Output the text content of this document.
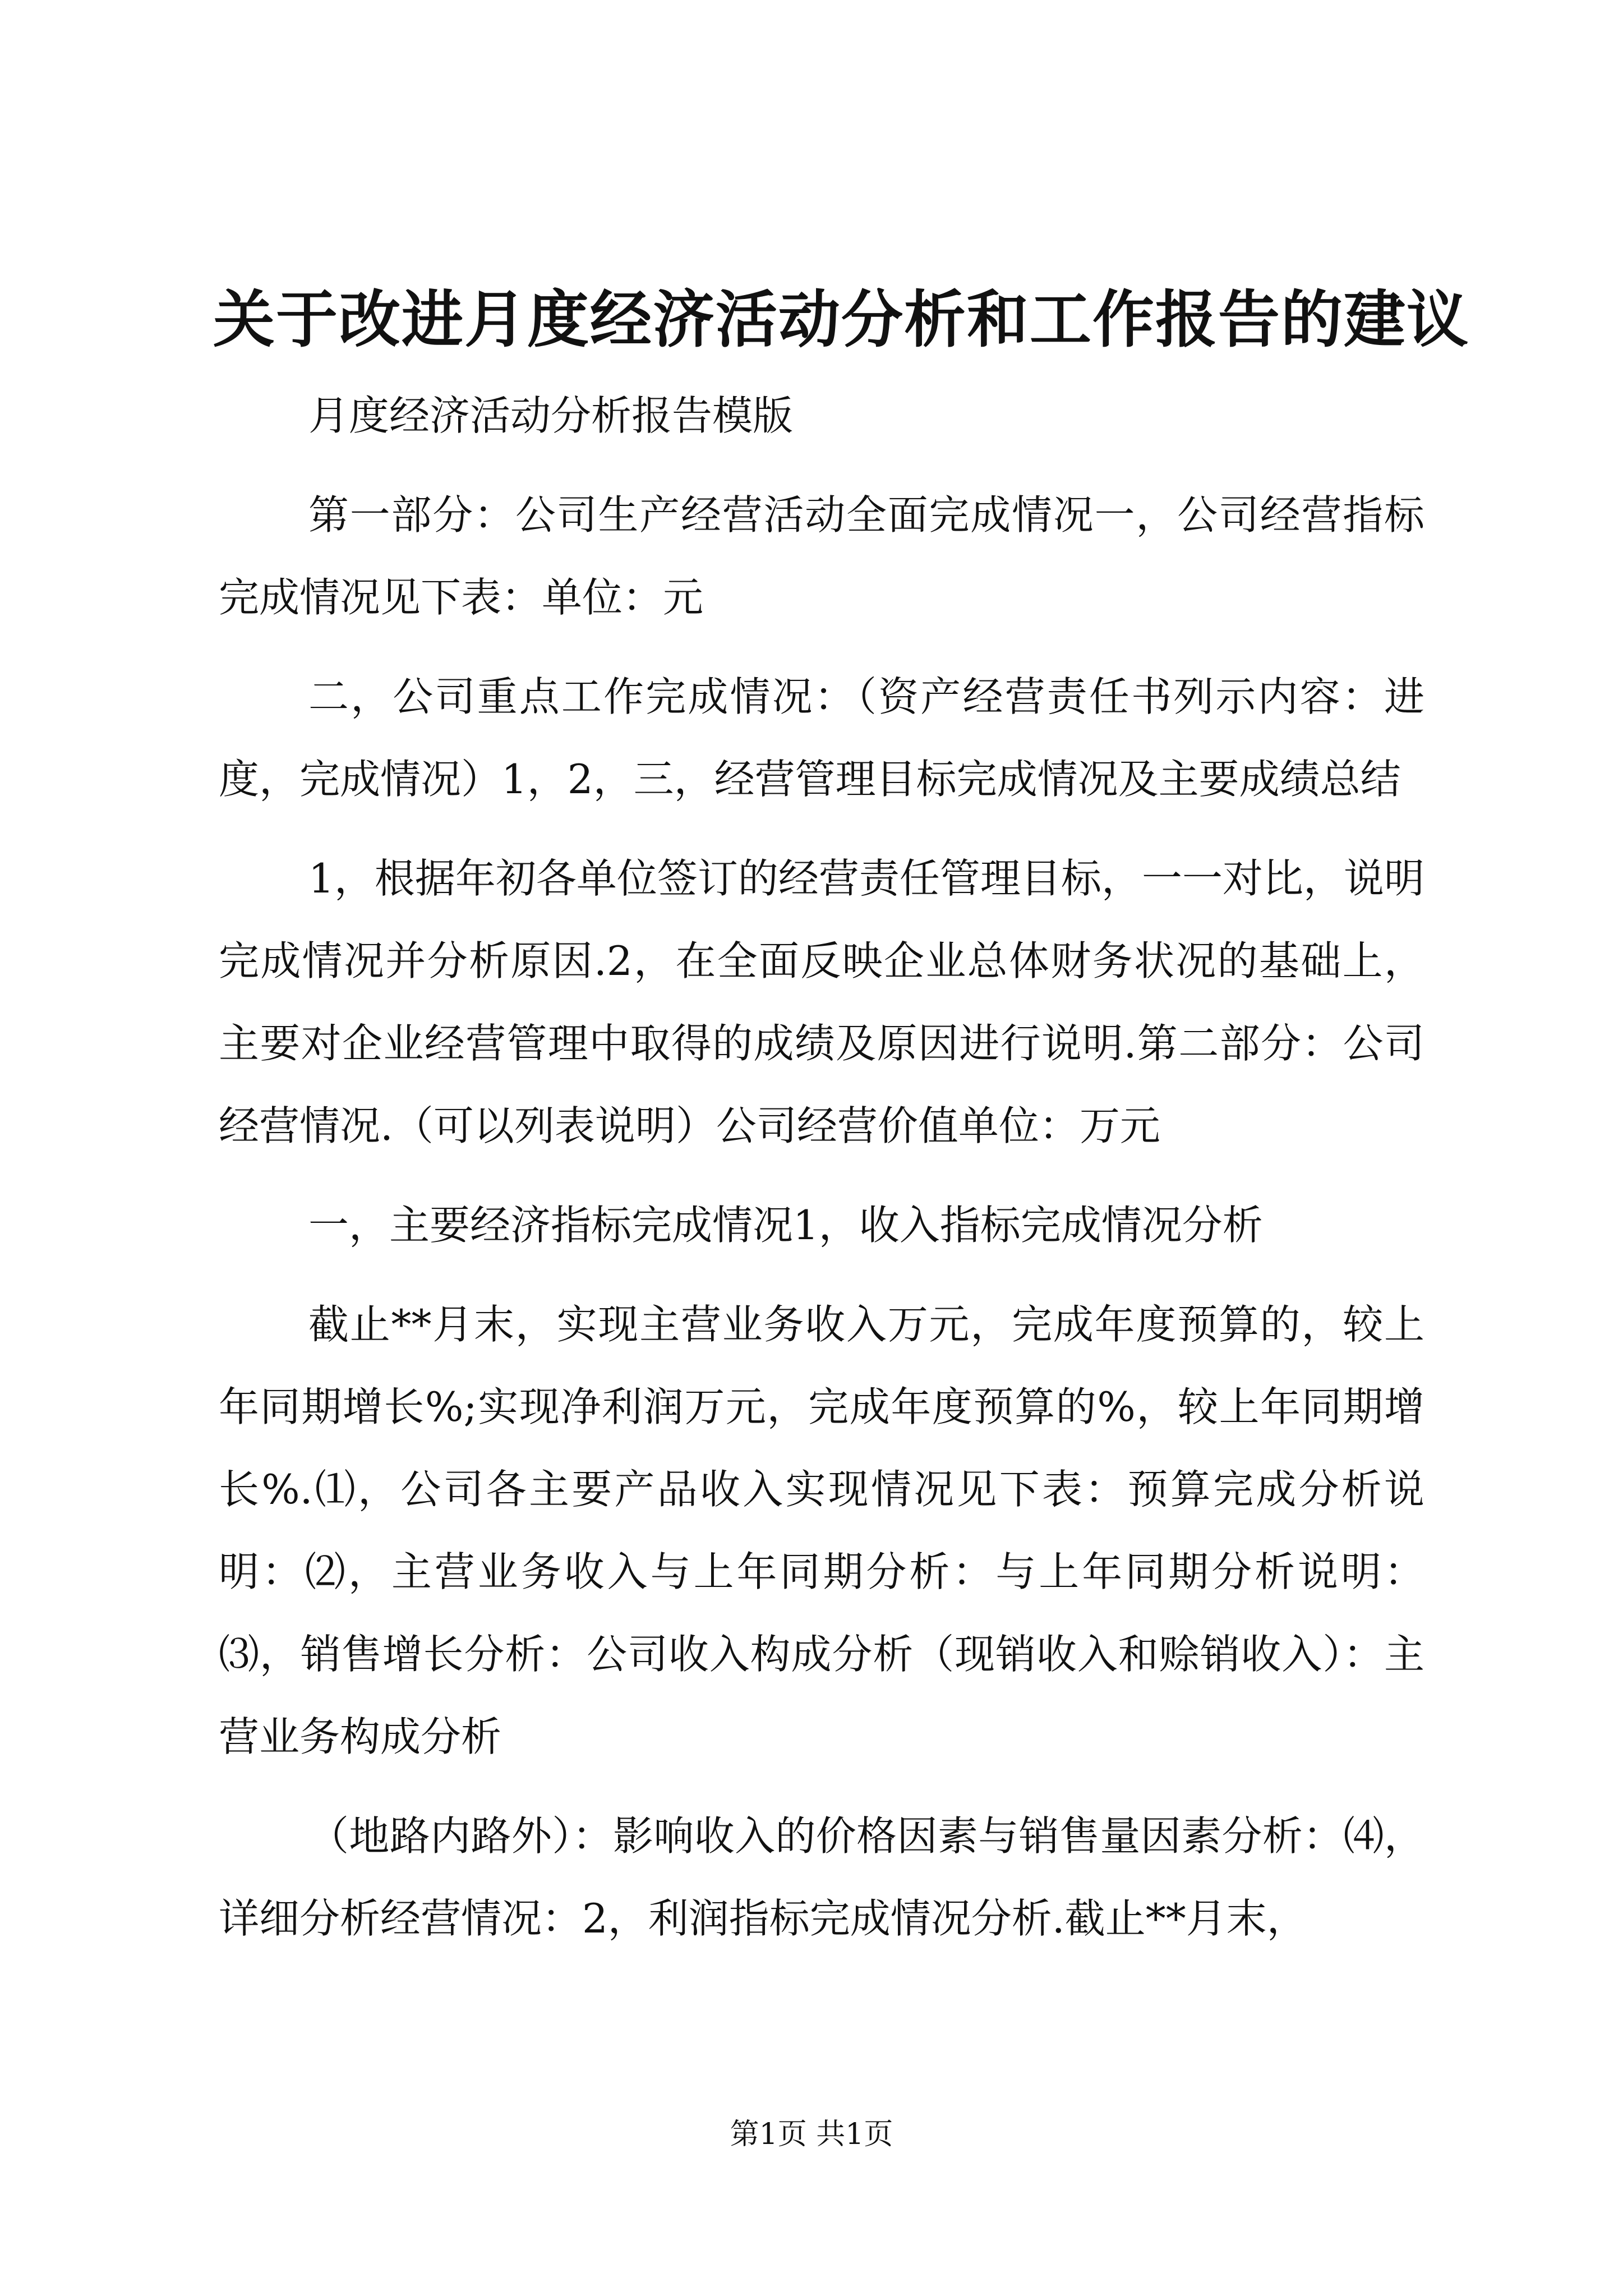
关于改进月度经济活动分析和工作报告的建议

月度经济活动分析报告模版

第一部分：公司生产经营活动全面完成情况一，公司经营指标完成情况见下表：单位：元

二，公司重点工作完成情况：（资产经营责任书列示内容：进度，完成情况）1，2，三，经营管理目标完成情况及主要成绩总结

1，根据年初各单位签订的经营责任管理目标，一一对比，说明完成情况并分析原因.2，在全面反映企业总体财务状况的基础上，主要对企业经营管理中取得的成绩及原因进行说明.第二部分：公司经营情况.（可以列表说明）公司经营价值单位：万元

一，主要经济指标完成情况1，收入指标完成情况分析

截止**月末，实现主营业务收入万元，完成年度预算的，较上年同期增长%;实现净利润万元，完成年度预算的%，较上年同期增长%.⑴，公司各主要产品收入实现情况见下表：预算完成分析说明：⑵，主营业务收入与上年同期分析：与上年同期分析说明：⑶，销售增长分析：公司收入构成分析（现销收入和赊销收入）：主营业务构成分析

（地路内路外）：影响收入的价格因素与销售量因素分析：⑷，详细分析经营情况：2，利润指标完成情况分析.截止**月末，

第1页 共1页
